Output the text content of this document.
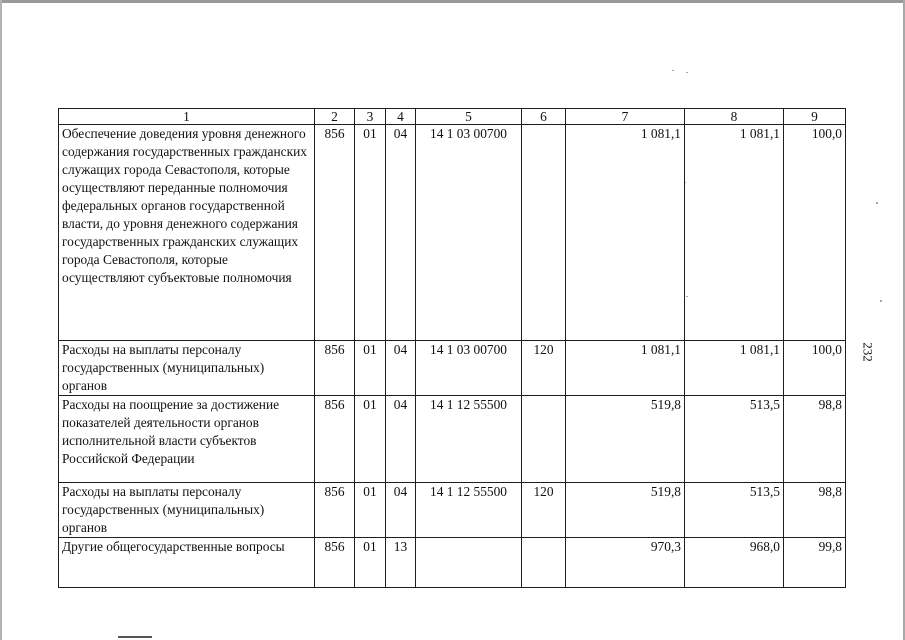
232
1	2	3	4	5	6	7	8	9
Обеспечение доведения уровня денежного содержания государственных гражданских служащих города Севастополя, которые осуществляют переданные полномочия федеральных органов государственной власти, до уровня денежного содержания государственных гражданских служащих города Севастополя, которые осуществляют субъектовые полномочия	856	01	04	14 1 03 00700		1 081,1	1 081,1	100,0
Расходы на выплаты персоналу государственных (муниципальных) органов	856	01	04	14 1 03 00700	120	1 081,1	1 081,1	100,0
Расходы на поощрение за достижение показателей деятельности органов исполнительной власти субъектов Российской Федерации	856	01	04	14 1 12 55500		519,8	513,5	98,8
Расходы на выплаты персоналу государственных (муниципальных) органов	856	01	04	14 1 12 55500	120	519,8	513,5	98,8
Другие общегосударственные вопросы	856	01	13			970,3	968,0	99,8
